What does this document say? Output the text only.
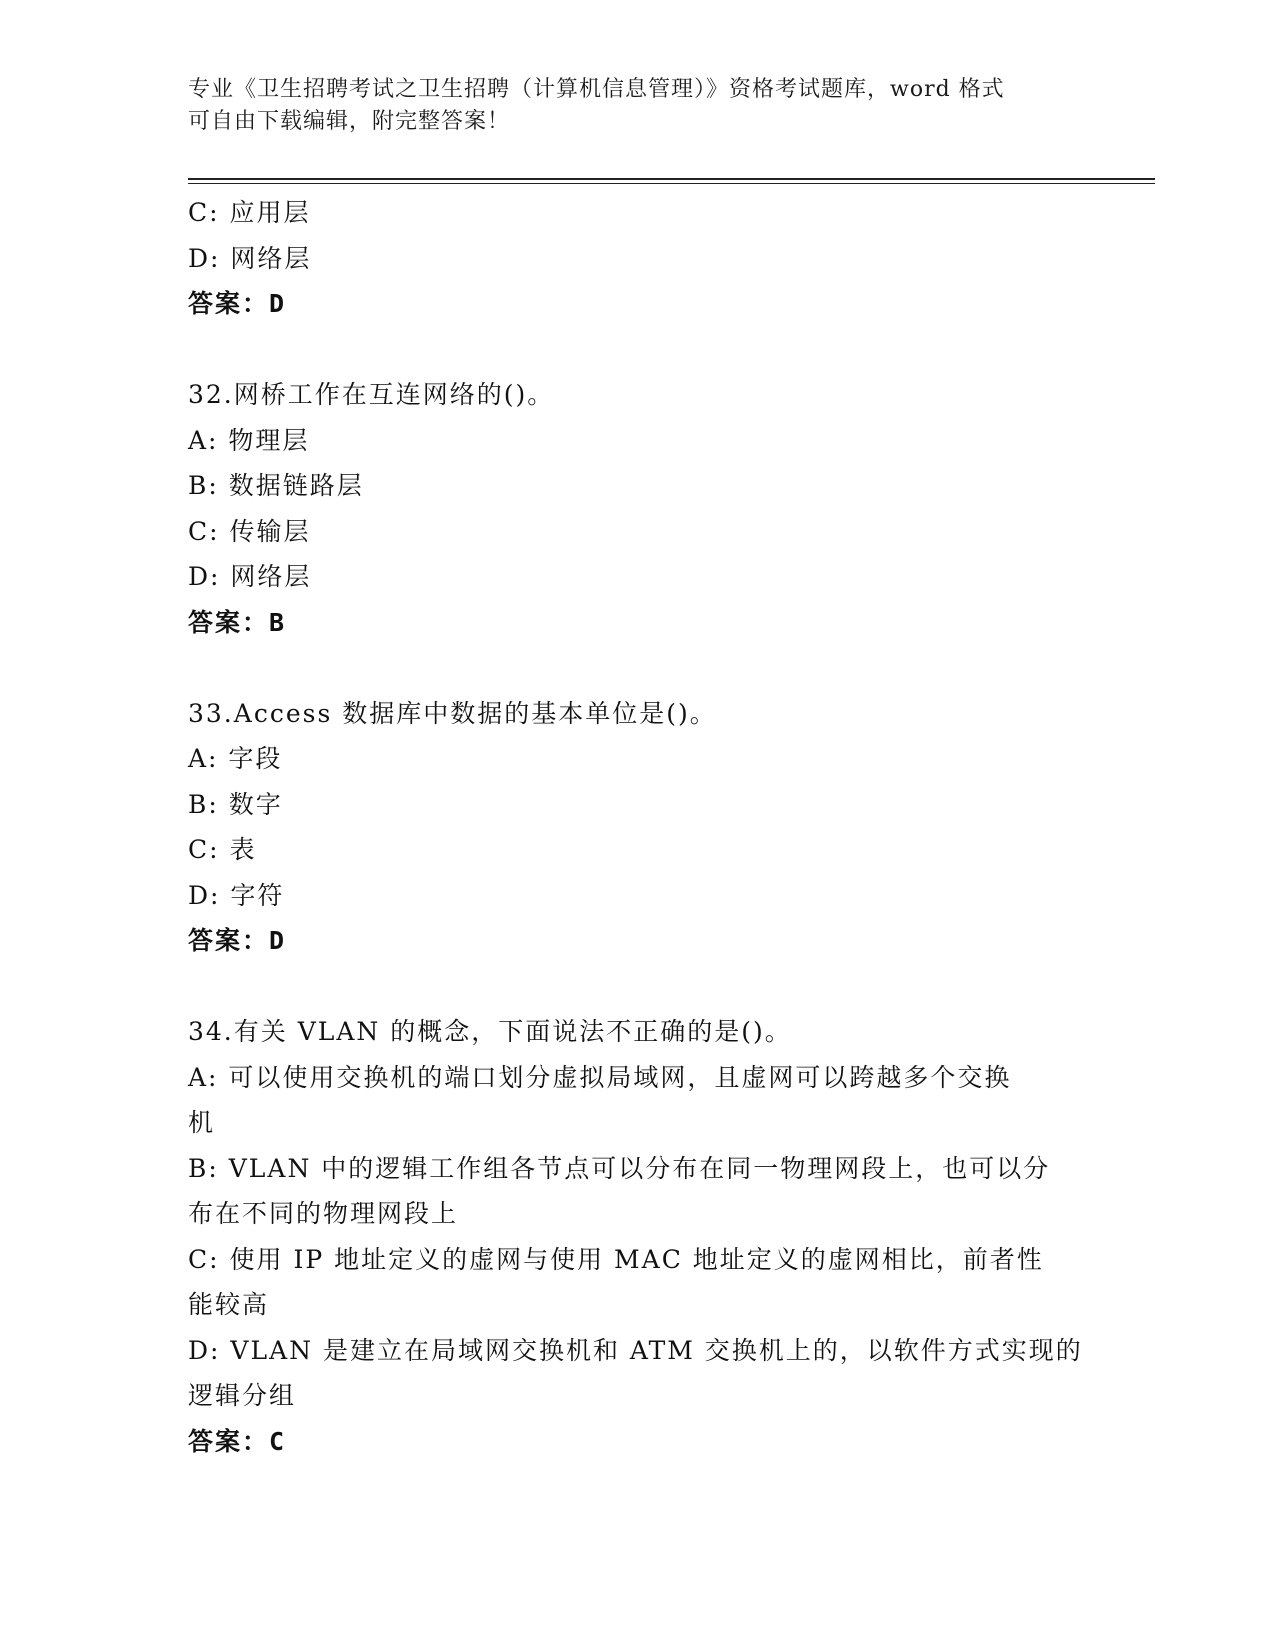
专业《卫生招聘考试之卫生招聘（计算机信息管理）》资格考试题库，word 格式
可自由下载编辑，附完整答案！

C: 应用层

D: 网络层

答案：D

32.网桥工作在互连网络的()。

A: 物理层

B: 数据链路层

C: 传输层

D: 网络层

答案：B

33.Access 数据库中数据的基本单位是()。

A: 字段

B: 数字

C: 表

D: 字符

答案：D

34.有关 VLAN 的概念，下面说法不正确的是()。

A: 可以使用交换机的端口划分虚拟局域网，且虚网可以跨越多个交换

机

B: VLAN 中的逻辑工作组各节点可以分布在同一物理网段上，也可以分

布在不同的物理网段上

C: 使用 IP 地址定义的虚网与使用 MAC 地址定义的虚网相比，前者性

能较高

D: VLAN 是建立在局域网交换机和 ATM 交换机上的，以软件方式实现的

逻辑分组

答案：C
